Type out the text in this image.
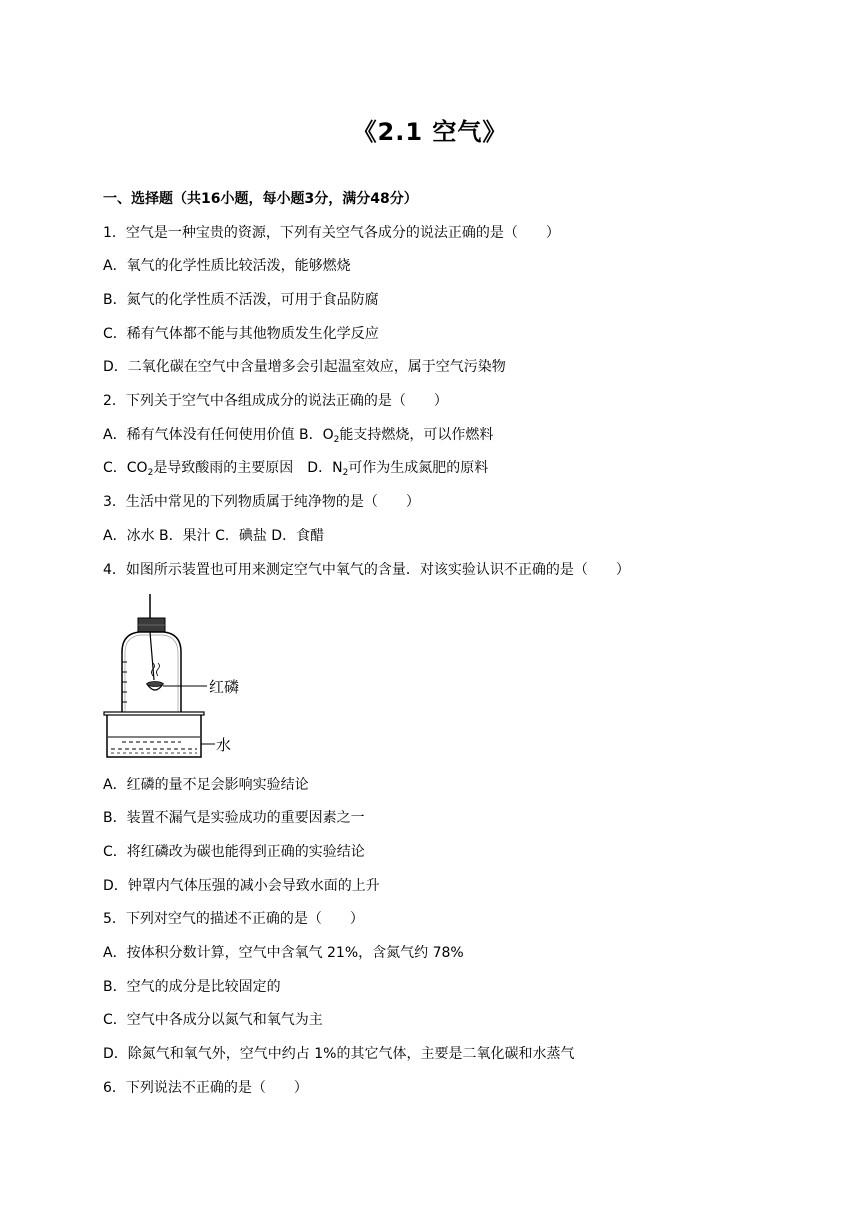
《2.1 空气》
一、选择题（共16小题，每小题3分，满分48分）
1．空气是一种宝贵的资源，下列有关空气各成分的说法正确的是（　　）
A．氧气的化学性质比较活泼，能够燃烧
B．氮气的化学性质不活泼，可用于食品防腐
C．稀有气体都不能与其他物质发生化学反应
D．二氧化碳在空气中含量增多会引起温室效应，属于空气污染物
2．下列关于空气中各组成成分的说法正确的是（　　）
A．稀有气体没有任何使用价值 B．$O_2$能支持燃烧，可以作燃料
C．$CO_2$是导致酸雨的主要原因　D．$N_2$可作为生成氮肥的原料
3．生活中常见的下列物质属于纯净物的是（　　）
A．冰水 B．果汁 C．碘盐 D．食醋
4．如图所示装置也可用来测定空气中氧气的含量．对该实验认识不正确的是（　　）
红磷
水
A．红磷的量不足会影响实验结论
B．装置不漏气是实验成功的重要因素之一
C．将红磷改为碳也能得到正确的实验结论
D．钟罩内气体压强的减小会导致水面的上升
5．下列对空气的描述不正确的是（　　）
A．按体积分数计算，空气中含氧气 21%，含氮气约 78%
B．空气的成分是比较固定的
C．空气中各成分以氮气和氧气为主
D．除氮气和氧气外，空气中约占 1%的其它气体，主要是二氧化碳和水蒸气
6．下列说法不正确的是（　　）
